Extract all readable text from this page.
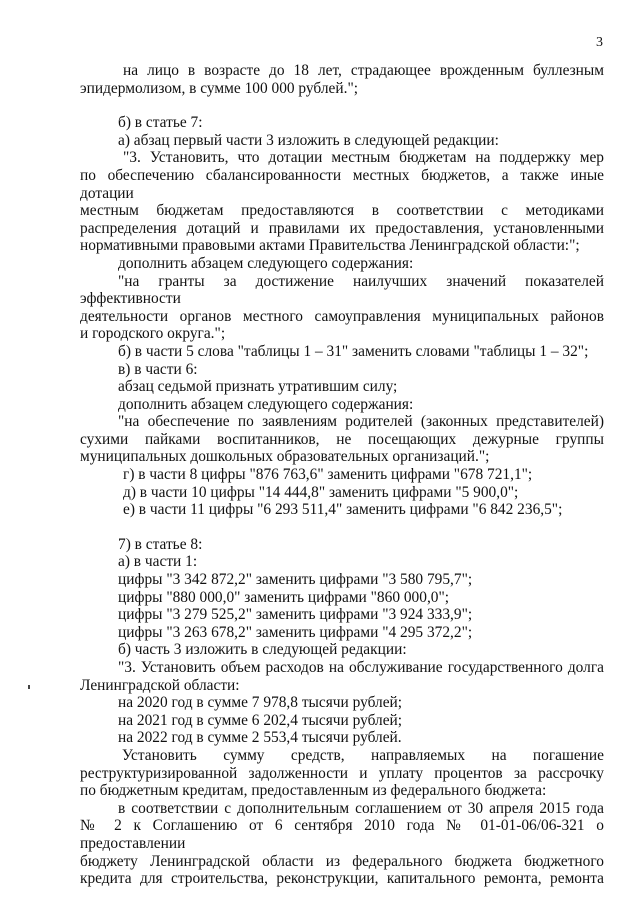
3

на лицо в возрасте до 18 лет, страдающее врожденным буллезным

эпидермолизом, в сумме 100 000 рублей.";

б) в статье 7:

а) абзац первый части 3 изложить в следующей редакции:

"3. Установить, что дотации местным бюджетам на поддержку мер

по обеспечению сбалансированности местных бюджетов, а также иные дотации

местным бюджетам предоставляются в соответствии с методиками

распределения дотаций и правилами их предоставления, установленными

нормативными правовыми актами Правительства Ленинградской области:";

дополнить абзацем следующего содержания:

"на гранты за достижение наилучших значений показателей эффективности

деятельности органов местного самоуправления муниципальных районов

и городского округа.";

б) в части 5 слова "таблицы 1 – 31" заменить словами "таблицы 1 – 32";

в) в части 6:

абзац седьмой признать утратившим силу;

дополнить абзацем следующего содержания:

"на обеспечение по заявлениям родителей (законных представителей)

сухими пайками воспитанников, не посещающих дежурные группы

муниципальных дошкольных образовательных организаций.";

г) в части 8 цифры "876 763,6" заменить цифрами "678 721,1";

д) в части 10 цифры "14 444,8" заменить цифрами "5 900,0";

е) в части 11 цифры "6 293 511,4" заменить цифрами "6 842 236,5";

7) в статье 8:

а) в части 1:

цифры "3 342 872,2" заменить цифрами "3 580 795,7";

цифры "880 000,0" заменить цифрами "860 000,0";

цифры "3 279 525,2" заменить цифрами "3 924 333,9";

цифры "3 263 678,2" заменить цифрами "4 295 372,2";

б) часть 3 изложить в следующей редакции:

"3. Установить объем расходов на обслуживание государственного долга

Ленинградской области:

на 2020 год в сумме 7 978,8 тысячи рублей;

на 2021 год в сумме 6 202,4 тысячи рублей;

на 2022 год в сумме 2 553,4 тысячи рублей.

Установить сумму средств, направляемых на погашение

реструктуризированной задолженности и уплату процентов за рассрочку

по бюджетным кредитам, предоставленным из федерального бюджета:

в соответствии с дополнительным соглашением от 30 апреля 2015 года

№ 2 к Соглашению от 6 сентября 2010 года № 01-01-06/06-321 о предоставлении

бюджету Ленинградской области из федерального бюджета бюджетного

кредита для строительства, реконструкции, капитального ремонта, ремонта
